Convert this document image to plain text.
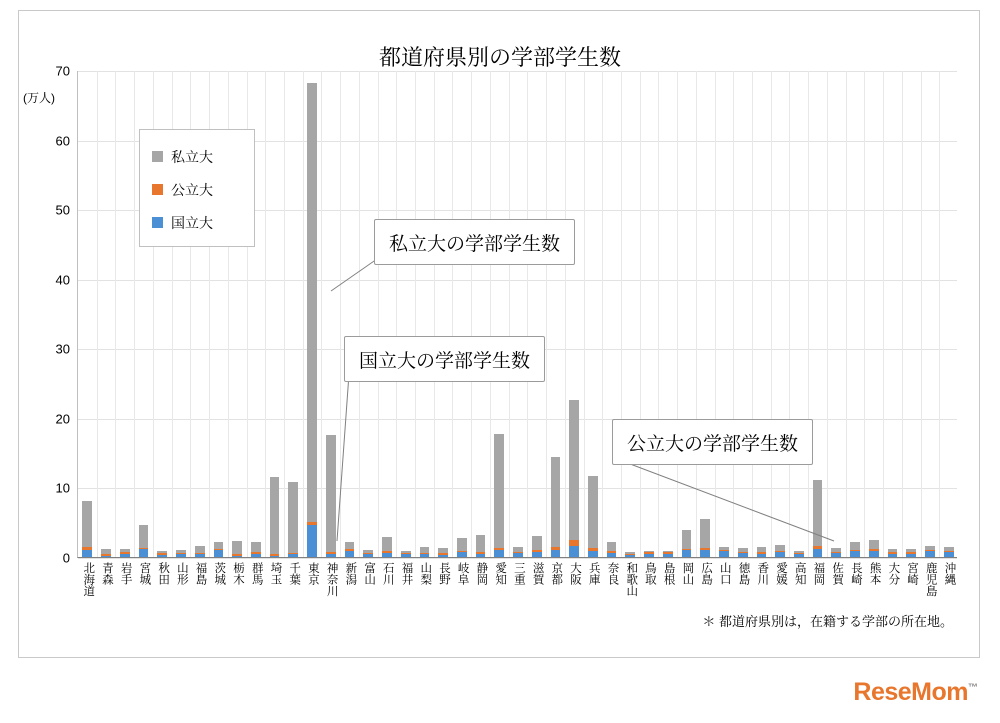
都道府県別の学部学生数
(万人)
0
10
20
30
40
50
60
70
北海道 青森 岩手 宮城 秋田 山形 福島 茨城 栃木 群馬 埼玉 千葉 東京 神奈川 新潟 富山 石川 福井 山梨 長野 岐阜 静岡 愛知 三重 滋賀 京都 大阪 兵庫 奈良 和歌山 鳥取 島根 岡山 広島 山口 徳島 香川 愛媛 高知 福岡 佐賀 長崎 熊本 大分 宮崎 鹿児島 沖縄
私立大
公立大
国立大
私立大の学部学生数
国立大の学部学生数
公立大の学部学生数
＊ 都道府県別は，在籍する学部の所在地。
ReseMom™
